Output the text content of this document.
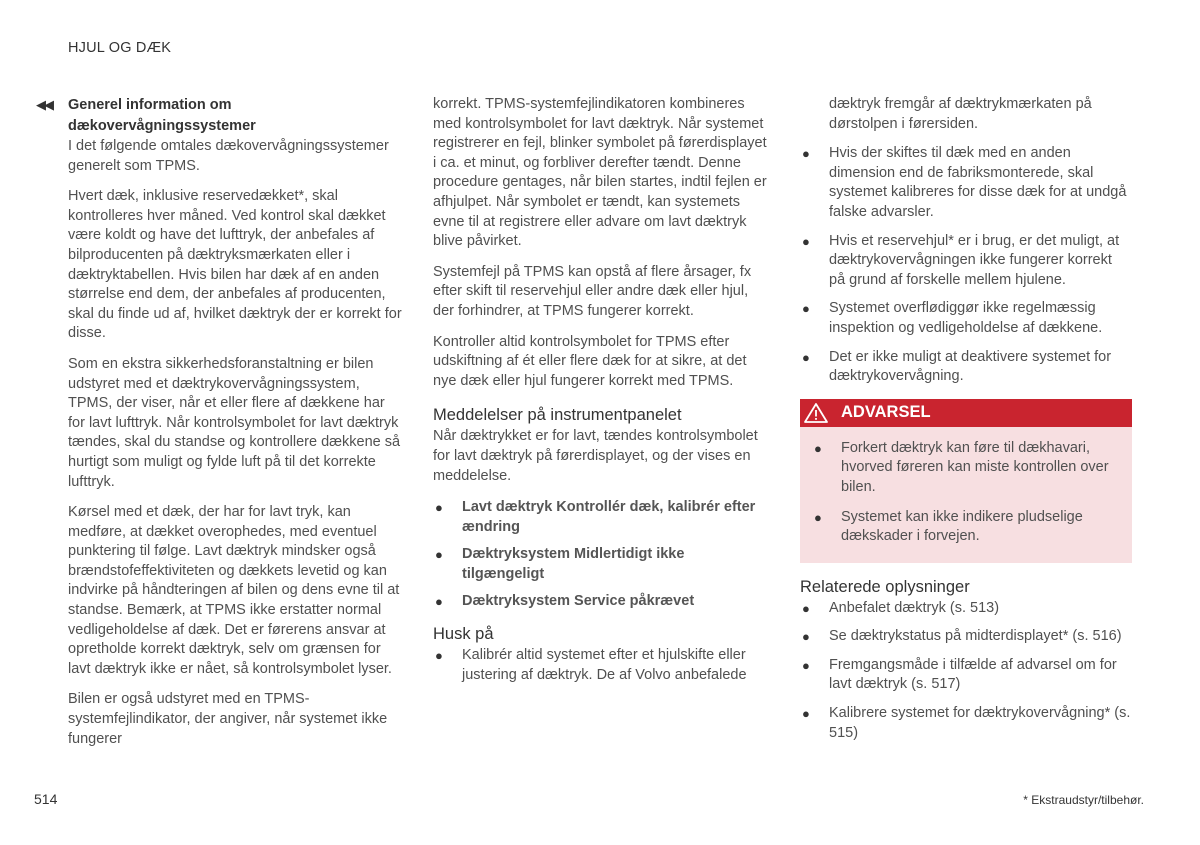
HJUL OG DÆK
◀◀ Generel information om
dækovervågningssystemer

I det følgende omtales dækovervågningssystemer generelt som TPMS.

Hvert dæk, inklusive reservedækket*, skal kontrolleres hver måned. Ved kontrol skal dækket være koldt og have det lufttryk, der anbefales af bilproducenten på dæktryksmærkaten eller i dæktryktabellen. Hvis bilen har dæk af en anden størrelse end dem, der anbefales af producenten, skal du finde ud af, hvilket dæktryk der er korrekt for disse.

Som en ekstra sikkerhedsforanstaltning er bilen udstyret med et dæktrykovervågningssystem, TPMS, der viser, når et eller flere af dækkene har for lavt lufttryk. Når kontrolsymbolet for lavt dæktryk tændes, skal du standse og kontrollere dækkene så hurtigt som muligt og fylde luft på til det korrekte lufttryk.

Kørsel med et dæk, der har for lavt tryk, kan medføre, at dækket overophedes, med eventuel punktering til følge. Lavt dæktryk mindsker også brændstofeffektiviteten og dækkets levetid og kan indvirke på håndteringen af bilen og dens evne til at standse. Bemærk, at TPMS ikke erstatter normal vedligeholdelse af dæk. Det er førerens ansvar at opretholde korrekt dæktryk, selv om grænsen for lavt dæktryk ikke er nået, så kontrolsymbolet lyser.

Bilen er også udstyret med en TPMS-systemfejlindikator, der angiver, når systemet ikke fungerer

korrekt. TPMS-systemfejlindikatoren kombineres med kontrolsymbolet for lavt dæktryk. Når systemet registrerer en fejl, blinker symbolet på førerdisplayet i ca. et minut, og forbliver derefter tændt. Denne procedure gentages, når bilen startes, indtil fejlen er afhjulpet. Når symbolet er tændt, kan systemets evne til at registrere eller advare om lavt dæktryk blive påvirket.

Systemfejl på TPMS kan opstå af flere årsager, fx efter skift til reservehjul eller andre dæk eller hjul, der forhindrer, at TPMS fungerer korrekt.

Kontroller altid kontrolsymbolet for TPMS efter udskiftning af ét eller flere dæk for at sikre, at det nye dæk eller hjul fungerer korrekt med TPMS.

Meddelelser på instrumentpanelet

Når dæktrykket er for lavt, tændes kontrolsymbolet for lavt dæktryk på førerdisplayet, og der vises en meddelelse.

● Lavt dæktryk Kontrollér dæk, kalibrér efter ændring
● Dæktryksystem Midlertidigt ikke tilgængeligt
● Dæktryksystem Service påkrævet
Husk på
● Kalibrér altid systemet efter et hjulskifte eller justering af dæktryk. De af Volvo anbefalede

dæktryk fremgår af dæktrykmærkaten på dørstolpen i førersiden.

● Hvis der skiftes til dæk med en anden dimension end de fabriksmonterede, skal systemet kalibreres for disse dæk for at undgå falske advarsler.
● Hvis et reservehjul* er i brug, er det muligt, at dæktrykovervågningen ikke fungerer korrekt på grund af forskelle mellem hjulene.
● Systemet overflødiggør ikke regelmæssig inspektion og vedligeholdelse af dækkene.
● Det er ikke muligt at deaktivere systemet for dæktrykovervågning.
ADVARSEL
● Forkert dæktryk kan føre til dækhavari, hvorved føreren kan miste kontrollen over bilen.
● Systemet kan ikke indikere pludselige dækskader i forvejen.
Relaterede oplysninger
● Anbefalet dæktryk (s. 513)
● Se dæktrykstatus på midterdisplayet* (s. 516)
● Fremgangsmåde i tilfælde af advarsel om for lavt dæktryk (s. 517)
● Kalibrere systemet for dæktrykovervågning* (s. 515)
514	* Ekstraudstyr/tilbehør.
